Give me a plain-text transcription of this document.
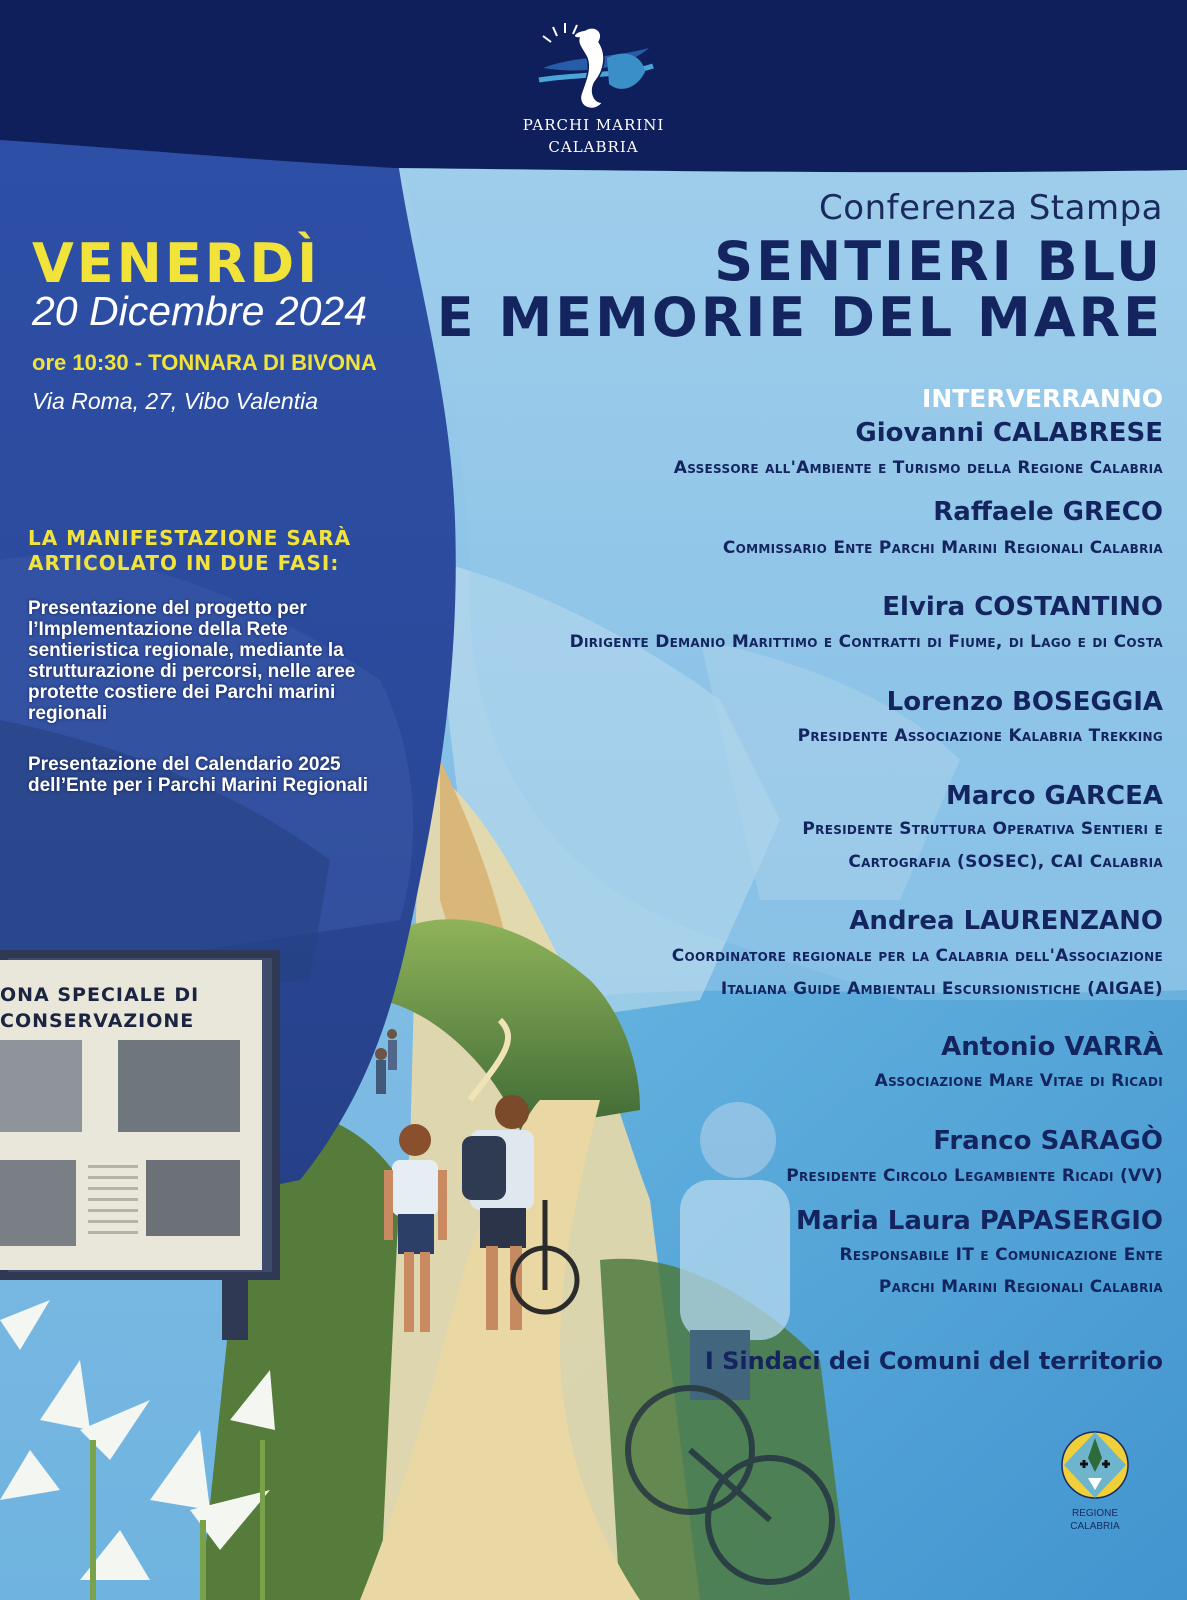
ONA SPECIALE DI
CONSERVAZIONE
PARCHI MARINI
CALABRIA
VENERDÌ
20 Dicembre 2024
ore 10:30 - TONNARA DI BIVONA
Via Roma, 27, Vibo Valentia
LA MANIFESTAZIONE SARÀ
ARTICOLATO IN DUE FASI:
Presentazione del progetto per l’Implementazione della Rete sentieristica regionale, mediante la strutturazione di percorsi, nelle aree protette costiere dei Parchi marini regionali
Presentazione del Calendario 2025 dell’Ente per i Parchi Marini Regionali
Conferenza Stampa
SENTIERI BLU
E MEMORIE DEL MARE
INTERVERRANNO
Giovanni CALABRESE
Assessore all'Ambiente e Turismo della Regione Calabria
Raffaele GRECO
Commissario Ente Parchi Marini Regionali Calabria
Elvira COSTANTINO
Dirigente Demanio Marittimo e Contratti di Fiume, di Lago e di Costa
Lorenzo BOSEGGIA
Presidente Associazione Kalabria Trekking
Marco GARCEA
Presidente Struttura Operativa Sentieri e
Cartografia (SOSEC), CAI Calabria
Andrea LAURENZANO
Coordinatore regionale per la Calabria dell'Associazione
Italiana Guide Ambientali Escursionistiche (AIGAE)
Antonio VARRÀ
Associazione Mare Vitae di Ricadi
Franco SARAGÒ
Presidente Circolo Legambiente Ricadi (VV)
Maria Laura PAPASERGIO
Responsabile IT e Comunicazione Ente
Parchi Marini Regionali Calabria
I Sindaci dei Comuni del territorio
REGIONE
CALABRIA
